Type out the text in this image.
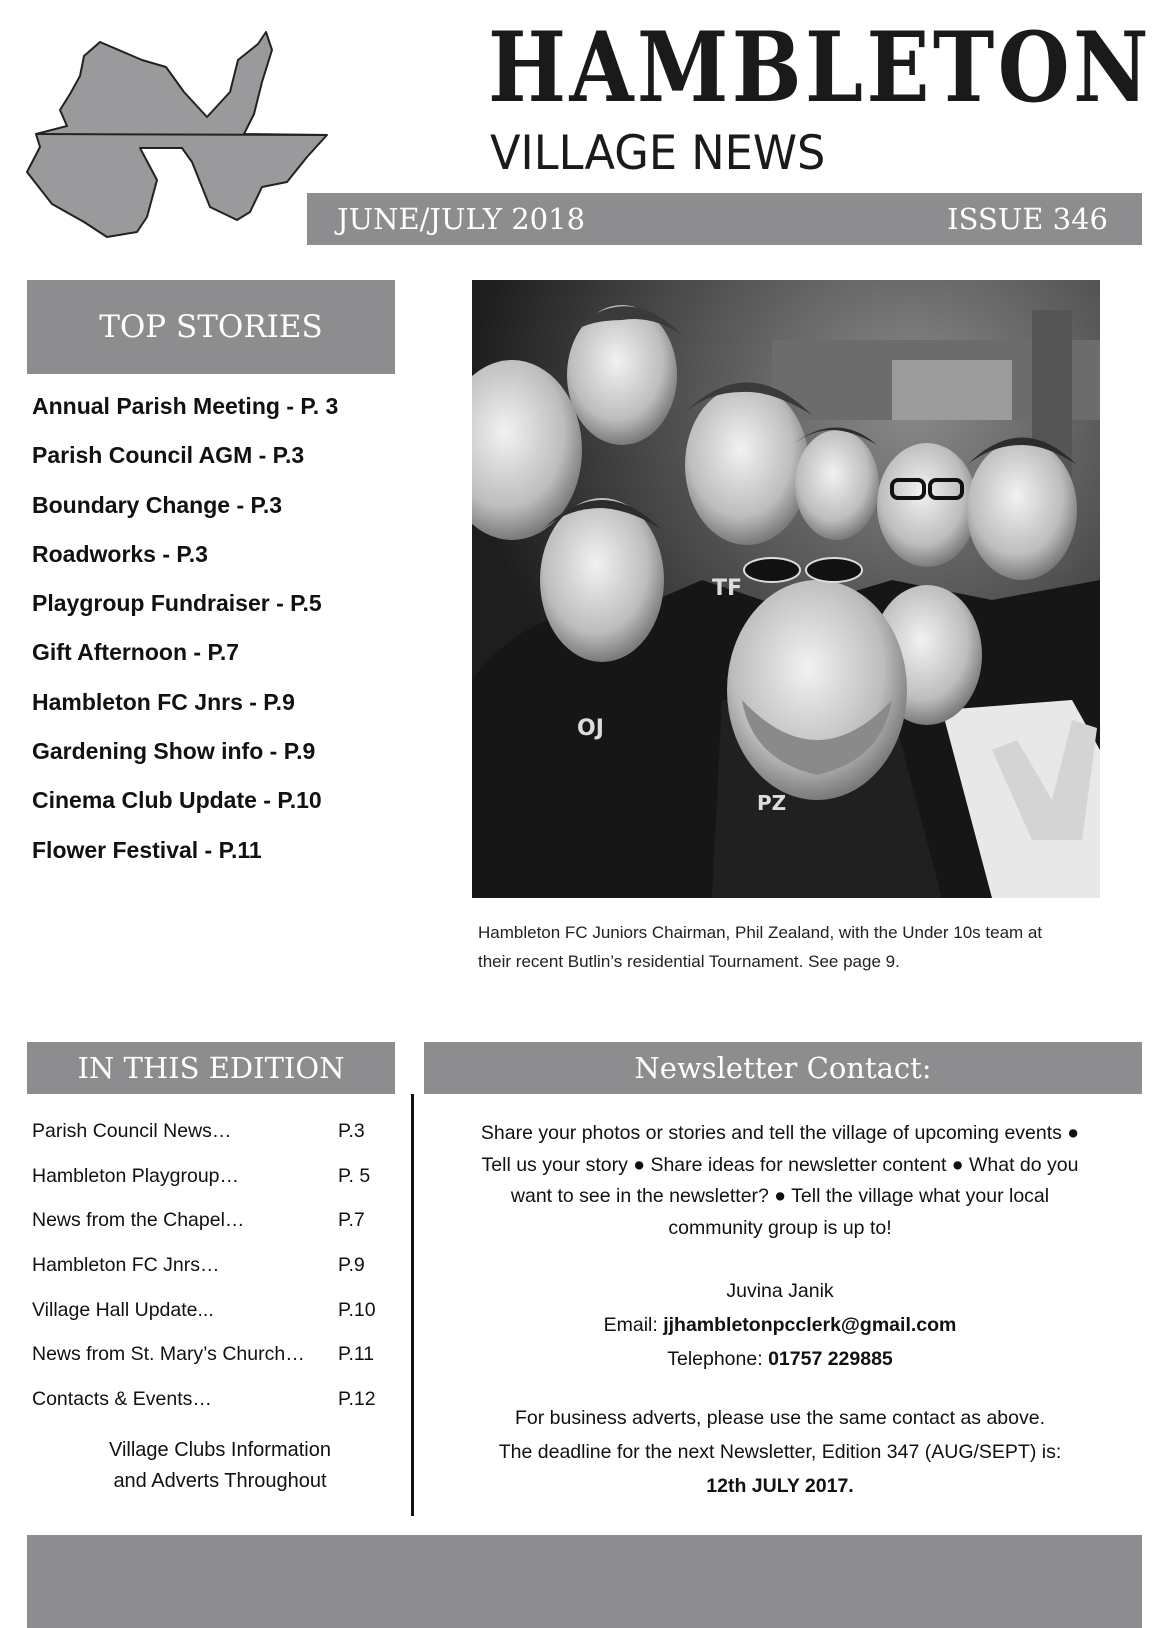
HAMBLETON
VILLAGE NEWS
JUNE/JULY 2018	ISSUE 346
TOP STORIES
Annual Parish Meeting - P. 3
Parish Council AGM - P.3
Boundary Change - P.3
Roadworks - P.3
Playgroup Fundraiser - P.5
Gift Afternoon - P.7
Hambleton FC Jnrs - P.9
Gardening Show info - P.9
Cinema Club Update - P.10
Flower Festival - P.11
TF
OJ
PZ
Hambleton FC Juniors Chairman, Phil Zealand, with the Under 10s team at
their recent Butlin’s residential Tournament. See page 9.
IN THIS EDITION
Parish Council News…	P.3
Hambleton Playgroup…	P. 5
News from the Chapel…	P.7
Hambleton FC Jnrs…	P.9
Village Hall Update...	P.10
News from St. Mary’s Church… P.11
Contacts & Events…	P.12
Village Clubs Information
and Adverts Throughout
Newsletter Contact:
Share your photos or stories and tell the village of upcoming events ●
Tell us your story ● Share ideas for newsletter content ● What do you
want to see in the newsletter? ● Tell the village what your local
community group is up to!
Juvina Janik
Email: jjhambletonpcclerk@gmail.com
Telephone: 01757 229885
For business adverts, please use the same contact as above.
The deadline for the next Newsletter, Edition 347 (AUG/SEPT) is:
12th JULY 2017.
